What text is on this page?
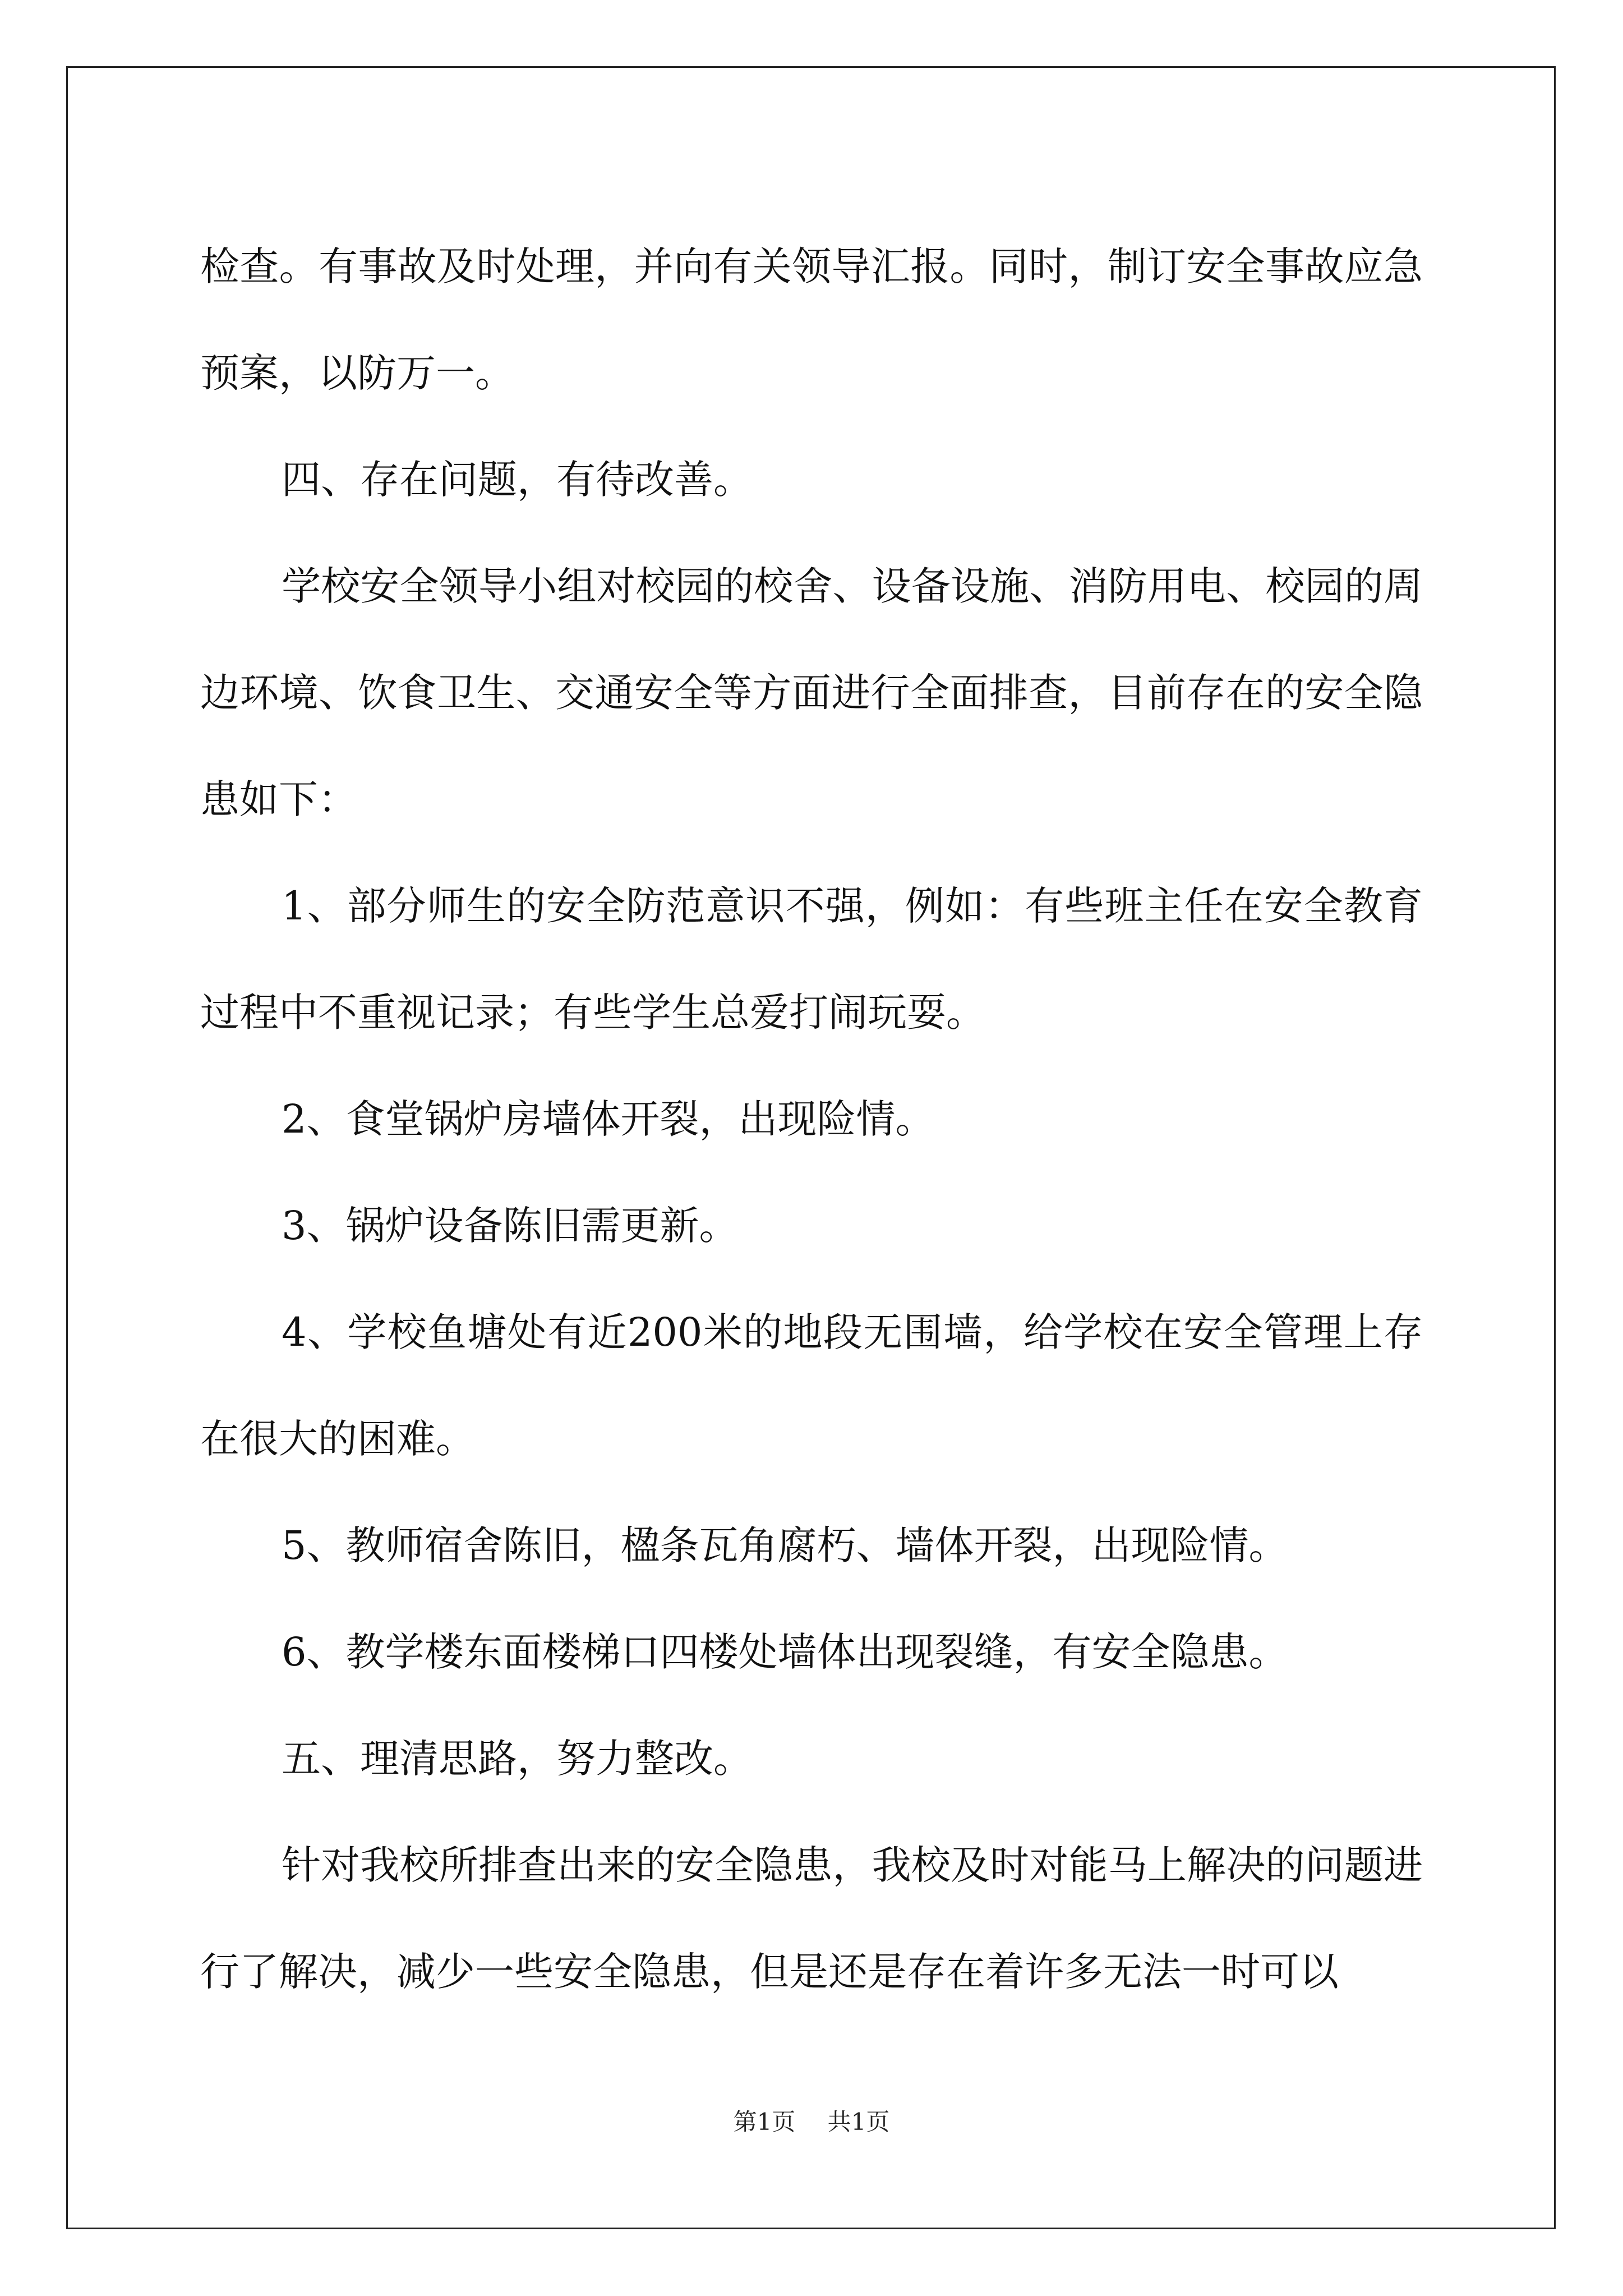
检查。有事故及时处理，并向有关领导汇报。同时，制订安全事故应急预案，以防万一。

四、存在问题，有待改善。

学校安全领导小组对校园的校舍、设备设施、消防用电、校园的周边环境、饮食卫生、交通安全等方面进行全面排查，目前存在的安全隐患如下：

1、部分师生的安全防范意识不强，例如：有些班主任在安全教育过程中不重视记录；有些学生总爱打闹玩耍。

2、食堂锅炉房墙体开裂，出现险情。

3、锅炉设备陈旧需更新。

4、学校鱼塘处有近200米的地段无围墙，给学校在安全管理上存在很大的困难。

5、教师宿舍陈旧，楹条瓦角腐朽、墙体开裂，出现险情。

6、教学楼东面楼梯口四楼处墙体出现裂缝，有安全隐患。

五、理清思路，努力整改。

针对我校所排查出来的安全隐患，我校及时对能马上解决的问题进行了解决，减少一些安全隐患，但是还是存在着许多无法一时可以

第1页 共1页
